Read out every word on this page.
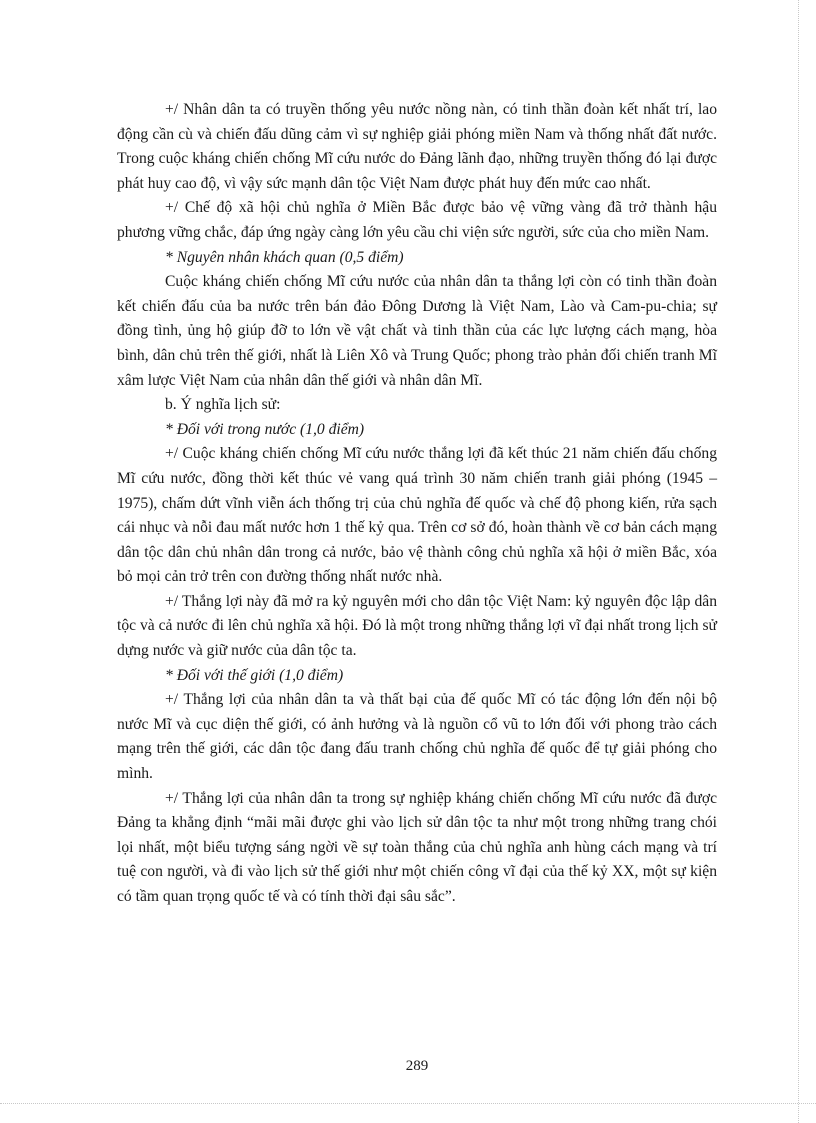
+/ Nhân dân ta có truyền thống yêu nước nồng nàn, có tinh thần đoàn kết nhất trí, lao động cần cù và chiến đấu dũng cảm vì sự nghiệp giải phóng miền Nam và thống nhất đất nước. Trong cuộc kháng chiến chống Mĩ cứu nước do Đảng lãnh đạo, những truyền thống đó lại được phát huy cao độ, vì vậy sức mạnh dân tộc Việt Nam được phát huy đến mức cao nhất.

+/ Chế độ xã hội chủ nghĩa ở Miền Bắc được bảo vệ vững vàng đã trở thành hậu phương vững chắc, đáp ứng ngày càng lớn yêu cầu chi viện sức người, sức của cho miền Nam.

* Nguyên nhân khách quan (0,5 điểm)

Cuộc kháng chiến chống Mĩ cứu nước của nhân dân ta thắng lợi còn có tinh thần đoàn kết chiến đấu của ba nước trên bán đảo Đông Dương là Việt Nam, Lào và Cam-pu-chia; sự đồng tình, ủng hộ giúp đỡ to lớn về vật chất và tinh thần của các lực lượng cách mạng, hòa bình, dân chủ trên thế giới, nhất là Liên Xô và Trung Quốc; phong trào phản đối chiến tranh Mĩ xâm lược Việt Nam của nhân dân thế giới và nhân dân Mĩ.

b. Ý nghĩa lịch sử:

* Đối với trong nước (1,0 điểm)

+/ Cuộc kháng chiến chống Mĩ cứu nước thắng lợi đã kết thúc 21 năm chiến đấu chống Mĩ cứu nước, đồng thời kết thúc vẻ vang quá trình 30 năm chiến tranh giải phóng (1945 – 1975), chấm dứt vĩnh viễn ách thống trị của chủ nghĩa đế quốc và chế độ phong kiến, rửa sạch cái nhục và nỗi đau mất nước hơn 1 thế kỷ qua. Trên cơ sở đó, hoàn thành về cơ bản cách mạng dân tộc dân chủ nhân dân trong cả nước, bảo vệ thành công chủ nghĩa xã hội ở miền Bắc, xóa bỏ mọi cản trở trên con đường thống nhất nước nhà.

+/ Thắng lợi này đã mở ra kỷ nguyên mới cho dân tộc Việt Nam: kỷ nguyên độc lập dân tộc và cả nước đi lên chủ nghĩa xã hội. Đó là một trong những thắng lợi vĩ đại nhất trong lịch sử dựng nước và giữ nước của dân tộc ta.

* Đối với thế giới (1,0 điểm)

+/ Thắng lợi của nhân dân ta và thất bại của đế quốc Mĩ có tác động lớn đến nội bộ nước Mĩ và cục diện thế giới, có ảnh hưởng và là nguồn cổ vũ to lớn đối với phong trào cách mạng trên thế giới, các dân tộc đang đấu tranh chống chủ nghĩa đế quốc để tự giải phóng cho mình.

+/ Thắng lợi của nhân dân ta trong sự nghiệp kháng chiến chống Mĩ cứu nước đã được Đảng ta khẳng định “mãi mãi được ghi vào lịch sử dân tộc ta như một trong những trang chói lọi nhất, một biểu tượng sáng ngời về sự toàn thắng của chủ nghĩa anh hùng cách mạng và trí tuệ con người, và đi vào lịch sử thế giới như một chiến công vĩ đại của thế kỷ XX, một sự kiện có tầm quan trọng quốc tế và có tính thời đại sâu sắc”.

289
